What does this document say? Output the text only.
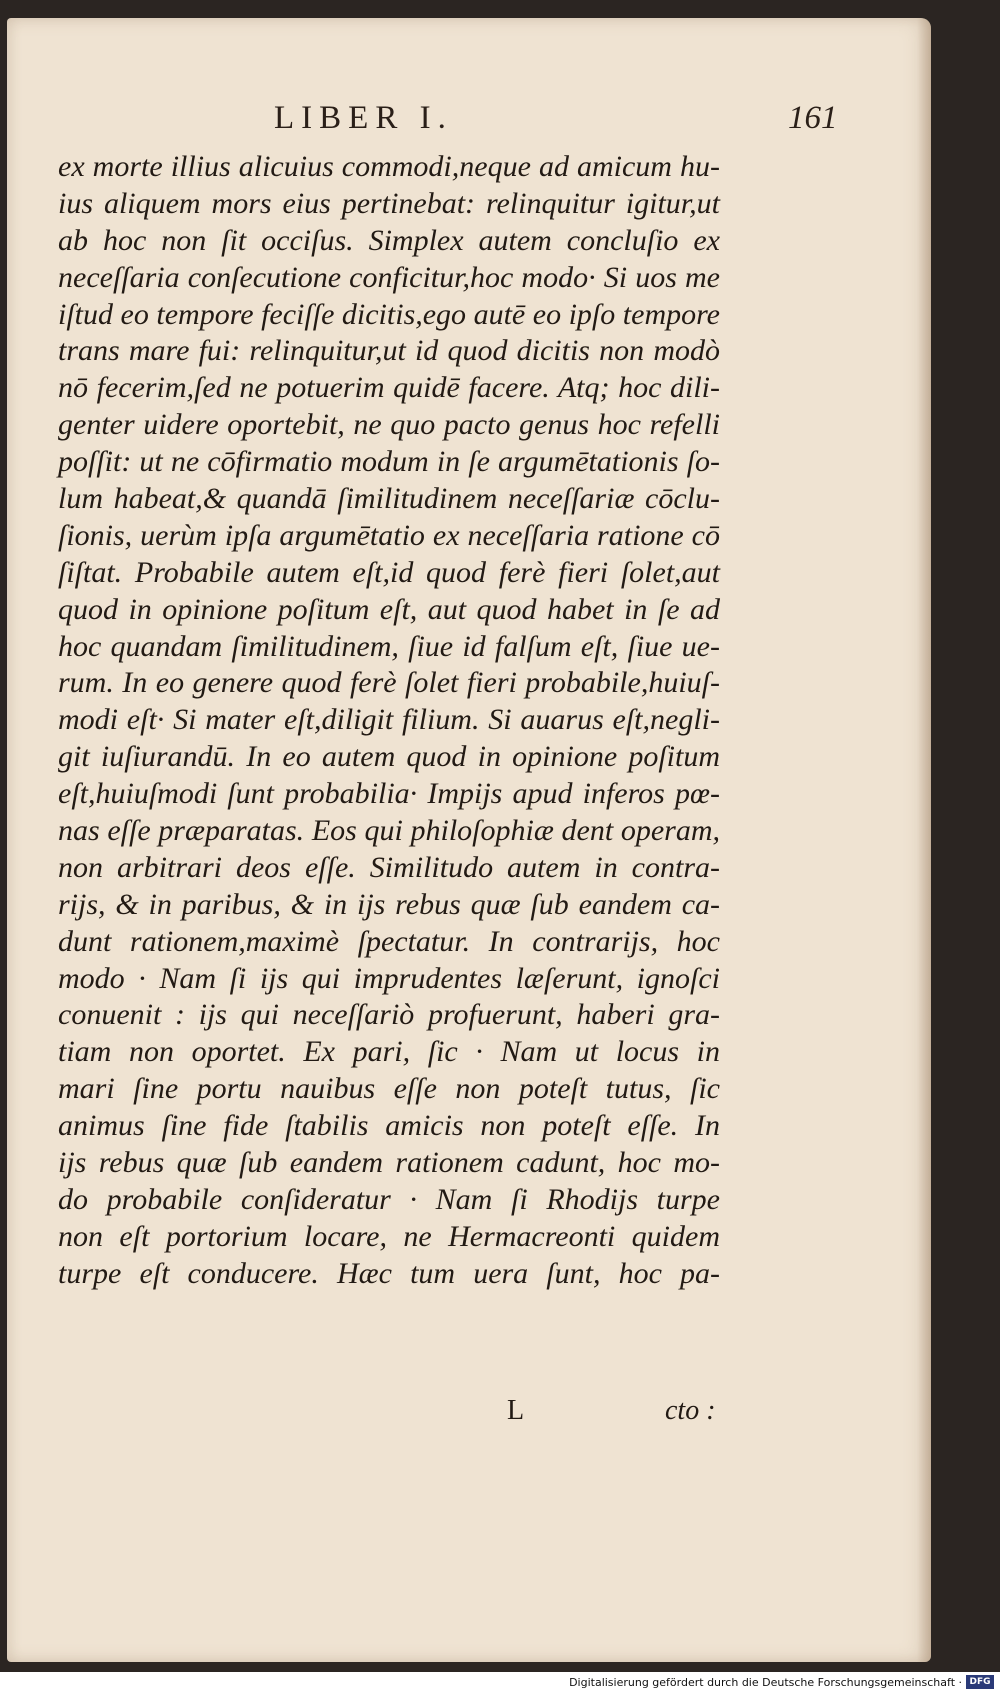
LIBER I.	161
ex morte illius alicuius commodi,neque ad amicum hu-
ius aliquem mors eius pertinebat: relinquitur igitur,ut
ab hoc non ſit occiſus. Simplex autem concluſio ex
neceſſaria conſecutione conficitur,hoc modo· Si uos me
iſtud eo tempore feciſſe dicitis,ego autē eo ipſo tempore
trans mare fui: relinquitur,ut id quod dicitis non modò
nō fecerim,ſed ne potuerim quidē facere. Atq; hoc dili-
genter uidere oportebit, ne quo pacto genus hoc refelli
poſſit: ut ne cōfirmatio modum in ſe argumētationis ſo-
lum habeat,& quandā ſimilitudinem neceſſariæ cōclu-
ſionis, uerùm ipſa argumētatio ex neceſſaria ratione cō
ſiſtat. Probabile autem eſt,id quod ferè fieri ſolet,aut
quod in opinione poſitum eſt, aut quod habet in ſe ad
hoc quandam ſimilitudinem, ſiue id falſum eſt, ſiue ue-
rum. In eo genere quod ferè ſolet fieri probabile,huiuſ-
modi eſt· Si mater eſt,diligit filium. Si auarus eſt,negli-
git iuſiurandū. In eo autem quod in opinione poſitum
eſt,huiuſmodi ſunt probabilia· Impijs apud inferos pœ-
nas eſſe præparatas. Eos qui philoſophiæ dent operam,
non arbitrari deos eſſe. Similitudo autem in contra-
rijs, & in paribus, & in ijs rebus quæ ſub eandem ca-
dunt rationem,maximè ſpectatur. In contrarijs, hoc
modo · Nam ſi ijs qui imprudentes læſerunt, ignoſci
conuenit : ijs qui neceſſariò profuerunt, haberi gra-
tiam non oportet. Ex pari, ſic · Nam ut locus in
mari ſine portu nauibus eſſe non poteſt tutus, ſic
animus ſine fide ſtabilis amicis non poteſt eſſe. In
ijs rebus quæ ſub eandem rationem cadunt, hoc mo-
do probabile conſideratur · Nam ſi Rhodijs turpe
non eſt portorium locare, ne Hermacreonti quidem
turpe eſt conducere. Hæc tum uera ſunt, hoc pa-
L	cto :
Digitalisierung gefördert durch die Deutsche Forschungsgemeinschaft · DFG
